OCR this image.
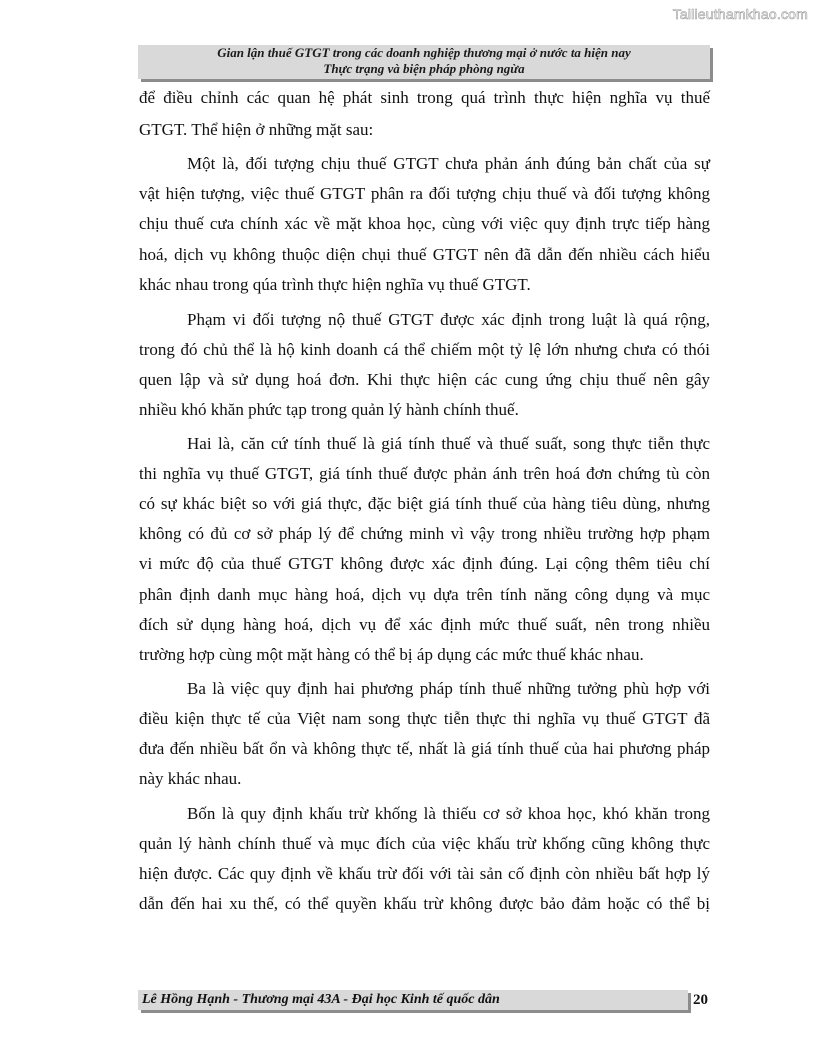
Tailieuthamkhao.com
Gian lận thuế GTGT trong các doanh nghiệp thương mại ở nước ta hiện nay
Thực trạng và biện pháp phòng ngừa
để điều chỉnh các quan hệ phát sinh trong quá trình thực hiện nghĩa vụ thuế
GTGT. Thể hiện ở những mặt sau:
Một là, đối tượng chịu thuế GTGT chưa phản ánh đúng bản chất của sự
vật hiện tượng, việc thuế GTGT phân ra đối tượng chịu thuế và đối tượng không
chịu thuế cưa chính xác về mặt khoa học, cùng với việc quy định trực tiếp hàng
hoá, dịch vụ không thuộc diện chụi thuế GTGT nên đã dẫn đến nhiều cách hiểu
khác nhau trong qúa trình thực hiện nghĩa vụ thuế GTGT.
Phạm vi đối tượng nộ thuế GTGT được xác định trong luật là quá rộng,
trong đó chủ thể là hộ kinh doanh cá thể chiếm một tỷ lệ lớn nhưng chưa có thói
quen lập và sử dụng hoá đơn. Khi thực hiện các cung ứng chịu thuế nên gây
nhiều khó khăn phức tạp trong quản lý hành chính thuế.
Hai là, căn cứ tính thuế là giá tính thuế và thuế suất, song thực tiễn thực
thi nghĩa vụ thuế GTGT, giá tính thuế được phản ánh trên hoá đơn chứng tù còn
có sự khác biệt so với giá thực, đặc biệt giá tính thuế của hàng tiêu dùng, nhưng
không có đủ cơ sở pháp lý để chứng minh vì vậy trong nhiều trường hợp phạm
vi mức độ của thuế GTGT không được xác định đúng. Lại cộng thêm tiêu chí
phân định danh mục hàng hoá, dịch vụ dựa trên tính năng công dụng và mục
đích sử dụng hàng hoá, dịch vụ để xác định mức thuế suất, nên trong nhiều
trường hợp cùng một mặt hàng có thể bị áp dụng các mức thuế khác nhau.
Ba là việc quy định hai phương pháp tính thuế những tưởng phù hợp với
điều kiện thực tế của Việt nam song thực tiễn thực thi nghĩa vụ thuế GTGT đã
đưa đến nhiều bất ổn và không thực tế, nhất là giá tính thuế của hai phương pháp
này khác nhau.
Bốn là quy định khấu trừ khống là thiếu cơ sở khoa học, khó khăn trong
quản lý hành chính thuế và mục đích của việc khấu trừ khống cũng không thực
hiện được. Các quy định về khấu trừ đối với tài sản cố định còn nhiều bất hợp lý
dẫn đến hai xu thế, có thể quyền khấu trừ không được bảo đảm hoặc có thể bị
Lê Hồng Hạnh - Thương mại 43A - Đại học Kinh tế quốc dân	20
